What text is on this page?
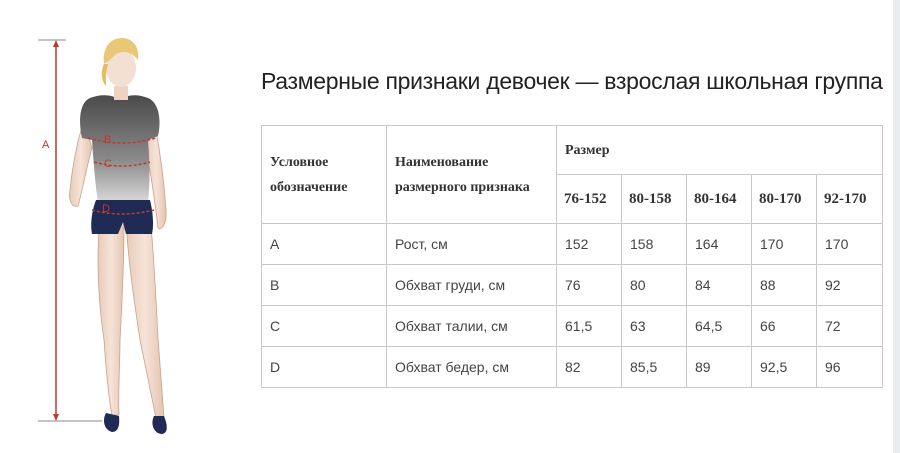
A	B
C
D
Размерные признаки девочек — взрослая школьная группа
Условное обозначение	Наименование размерного признака	Размер				
		76-152	80-158	80-164	80-170	92-170
A	Рост, см	152	158	164	170	170
B	Обхват груди, см	76	80	84	88	92
C	Обхват талии, см	61,5	63	64,5	66	72
D	Обхват бедер, см	82	85,5	89	92,5	96
